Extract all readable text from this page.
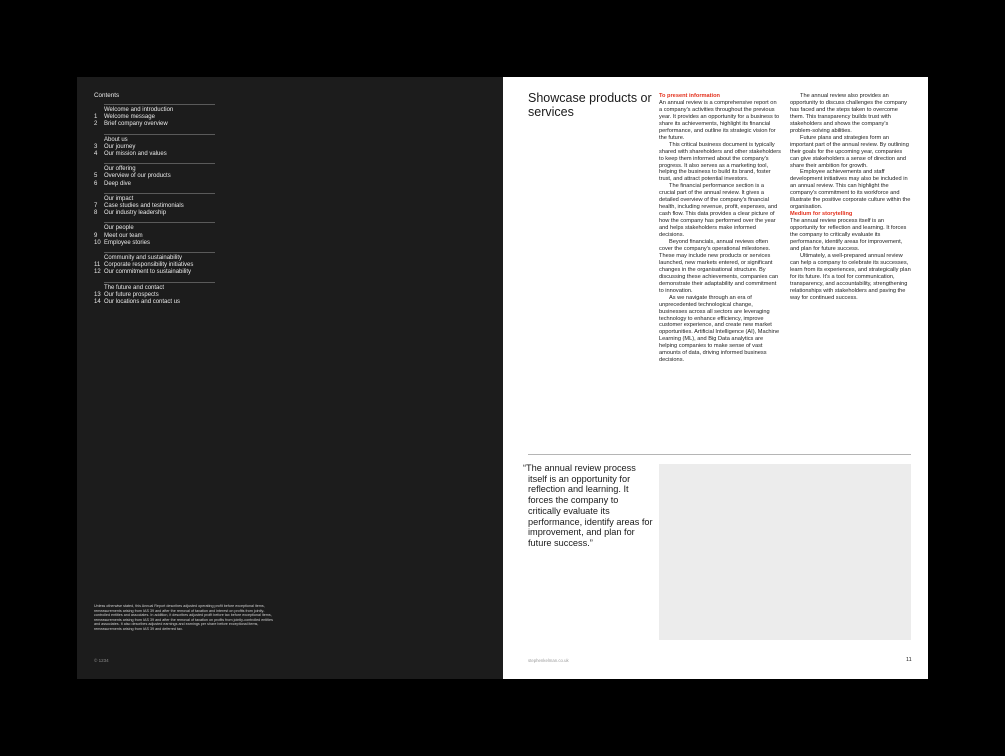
Contents
Welcome and introduction
1	Welcome message
2	Brief company overview
About us
3	Our journey
4	Our mission and values
Our offering
5	Overview of our products
6	Deep dive
Our impact
7	Case studies and testimonials
8	Our industry leadership
Our people
9	Meet our team
10 Employee stories
Community and sustainability
11 Corporate responsibility initiatives
12 Our commitment to sustainability
The future and contact
13 Our future prospects
14 Our locations and contact us
Unless otherwise stated, this Annual Report describes adjusted operating profit before exceptional items, remeasurements arising from IAS 39 and after the removal of taxation and interest on profits from jointly-controlled entities and associates. In addition, it describes adjusted profit before tax before exceptional items, remeasurements arising from IAS 39 and after the removal of taxation on profits from jointly-controlled entities and associates. It also describes adjusted earnings and earnings per share before exceptional items, remeasurements arising from IAS 39 and deferred tax.
© 1234
Showcase products or services
To present information

An annual review is a comprehensive report on a company's activities throughout the previous year. It provides an opportunity for a business to share its achievements, highlight its financial performance, and outline its strategic vision for the future.

This critical business document is typically shared with shareholders and other stakeholders to keep them informed about the company's progress. It also serves as a marketing tool, helping the business to build its brand, foster trust, and attract potential investors.

The financial performance section is a crucial part of the annual review. It gives a detailed overview of the company's financial health, including revenue, profit, expenses, and cash flow. This data provides a clear picture of how the company has performed over the year and helps stakeholders make informed decisions.

Beyond financials, annual reviews often cover the company's operational milestones. These may include new products or services launched, new markets entered, or significant changes in the organisational structure. By discussing these achievements, companies can demonstrate their adaptability and commitment to innovation.

As we navigate through an era of unprecedented technological change, businesses across all sectors are leveraging technology to enhance efficiency, improve customer experience, and create new market opportunities. Artificial Intelligence (AI), Machine Learning (ML), and Big Data analytics are helping companies to make sense of vast amounts of data, driving informed business decisions.

The annual review also provides an opportunity to discuss challenges the company has faced and the steps taken to overcome them. This transparency builds trust with stakeholders and shows the company's problem-solving abilities.

Future plans and strategies form an important part of the annual review. By outlining their goals for the upcoming year, companies can give stakeholders a sense of direction and share their ambition for growth.

Employee achievements and staff development initiatives may also be included in an annual review. This can highlight the company's commitment to its workforce and illustrate the positive corporate culture within the organisation.

Medium for storytelling

The annual review process itself is an opportunity for reflection and learning. It forces the company to critically evaluate its performance, identify areas for improvement, and plan for future success.

Ultimately, a well-prepared annual review can help a company to celebrate its successes, learn from its experiences, and strategically plan for its future. It's a tool for communication, transparency, and accountability, strengthening relationships with stakeholders and paving the way for continued success.

“The annual review process itself is an opportunity for reflection and learning. It forces the company to critically evaluate its performance, identify areas for improvement, and plan for future success.”
stephenkelman.co.uk	11
